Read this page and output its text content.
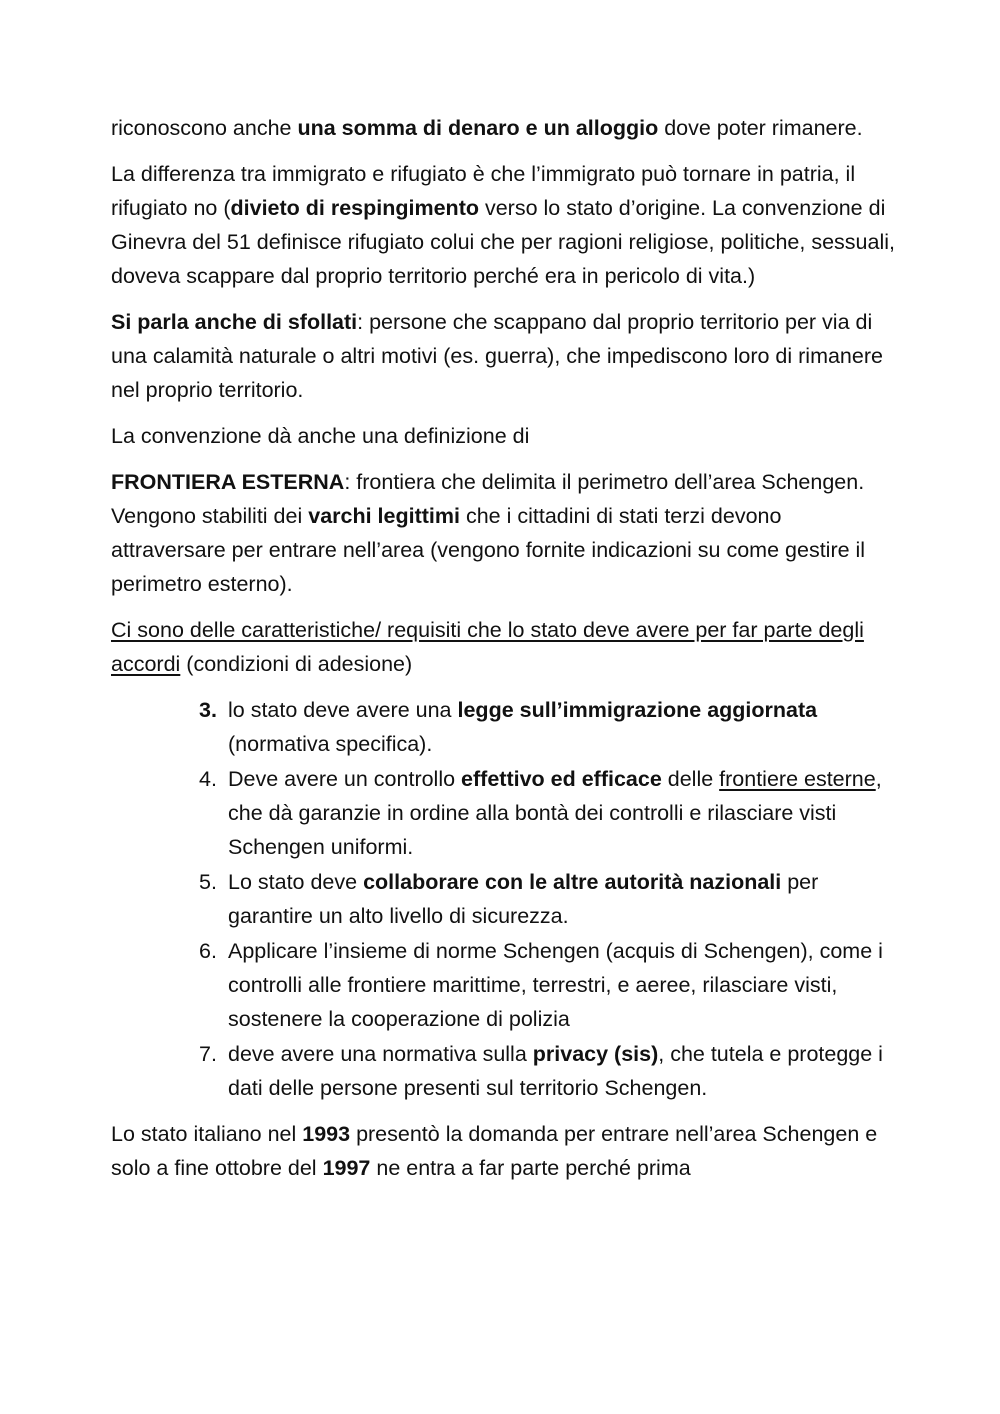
riconoscono anche una somma di denaro e un alloggio dove poter rimanere.

La differenza tra immigrato e rifugiato è che l’immigrato può tornare in patria, il rifugiato no (divieto di respingimento verso lo stato d’origine. La convenzione di Ginevra del 51 definisce rifugiato colui che per ragioni religiose, politiche, sessuali, doveva scappare dal proprio territorio perché era in pericolo di vita.)

Si parla anche di sfollati: persone che scappano dal proprio territorio per via di una calamità naturale o altri motivi (es. guerra), che impediscono loro di rimanere nel proprio territorio.

La convenzione dà anche una definizione di

FRONTIERA ESTERNA: frontiera che delimita il perimetro dell’area Schengen. Vengono stabiliti dei varchi legittimi che i cittadini di stati terzi devono attraversare per entrare nell’area (vengono fornite indicazioni su come gestire il perimetro esterno).

Ci sono delle caratteristiche/ requisiti che lo stato deve avere per far parte degli accordi (condizioni di adesione)

3. lo stato deve avere una legge sull’immigrazione aggiornata (normativa specifica).
4. Deve avere un controllo effettivo ed efficace delle frontiere esterne, che dà garanzie in ordine alla bontà dei controlli e rilasciare visti Schengen uniformi.
5. Lo stato deve collaborare con le altre autorità nazionali per garantire un alto livello di sicurezza.
6. Applicare l’insieme di norme Schengen (acquis di Schengen), come i controlli alle frontiere marittime, terrestri, e aeree, rilasciare visti, sostenere la cooperazione di polizia
7. deve avere una normativa sulla privacy (sis), che tutela e protegge i dati delle persone presenti sul territorio Schengen.

Lo stato italiano nel 1993 presentò la domanda per entrare nell’area Schengen e solo a fine ottobre del 1997 ne entra a far parte perché prima
